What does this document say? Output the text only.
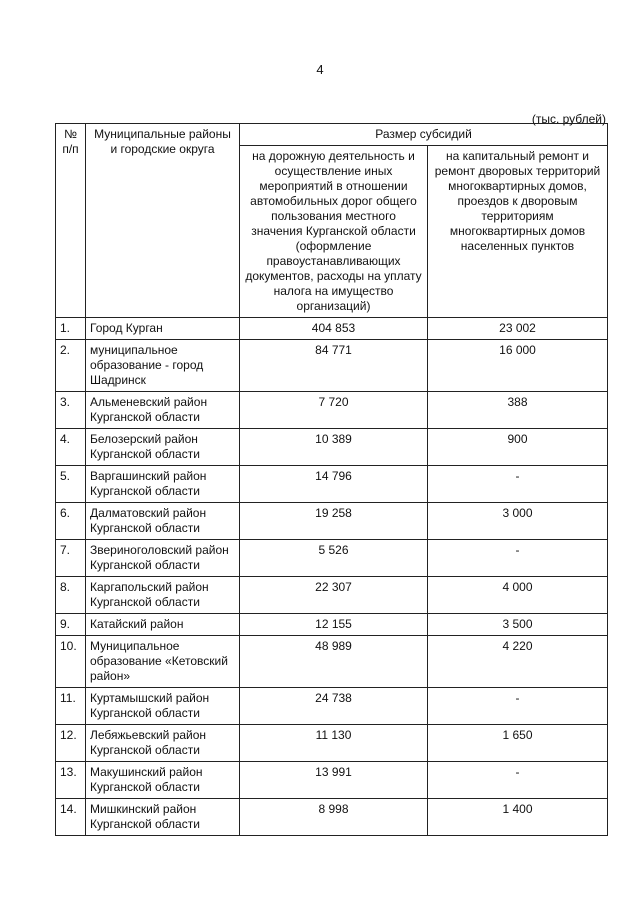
4
(тыс. рублей)
№ п/п	Муниципальные районы и городские округа	Размер субсидий	
		на дорожную деятельность и осуществление иных мероприятий в отношении автомобильных дорог общего пользования местного значения Курганской области (оформление правоустанавливающих документов, расходы на уплату налога на имущество организаций)	на капитальный ремонт и ремонт дворовых территорий многоквартирных домов, проездов к дворовым территориям многоквартирных домов населенных пунктов
1.	Город Курган	404 853	23 002
2.	муниципальное образование - город Шадринск	84 771	16 000
3.	Альменевский район Курганской области	7 720	388
4.	Белозерский район Курганской области	10 389	900
5.	Варгашинский район Курганской области	14 796	-
6.	Далматовский район Курганской области	19 258	3 000
7.	Звериноголовский район Курганской области	5 526	-
8.	Каргапольский район Курганской области	22 307	4 000
9.	Катайский район	12 155	3 500
10.	Муниципальное образование «Кетовский район»	48 989	4 220
11.	Куртамышский район Курганской области	24 738	-
12.	Лебяжьевский район Курганской области	11 130	1 650
13.	Макушинский район Курганской области	13 991	-
14.	Мишкинский район Курганской области	8 998	1 400
